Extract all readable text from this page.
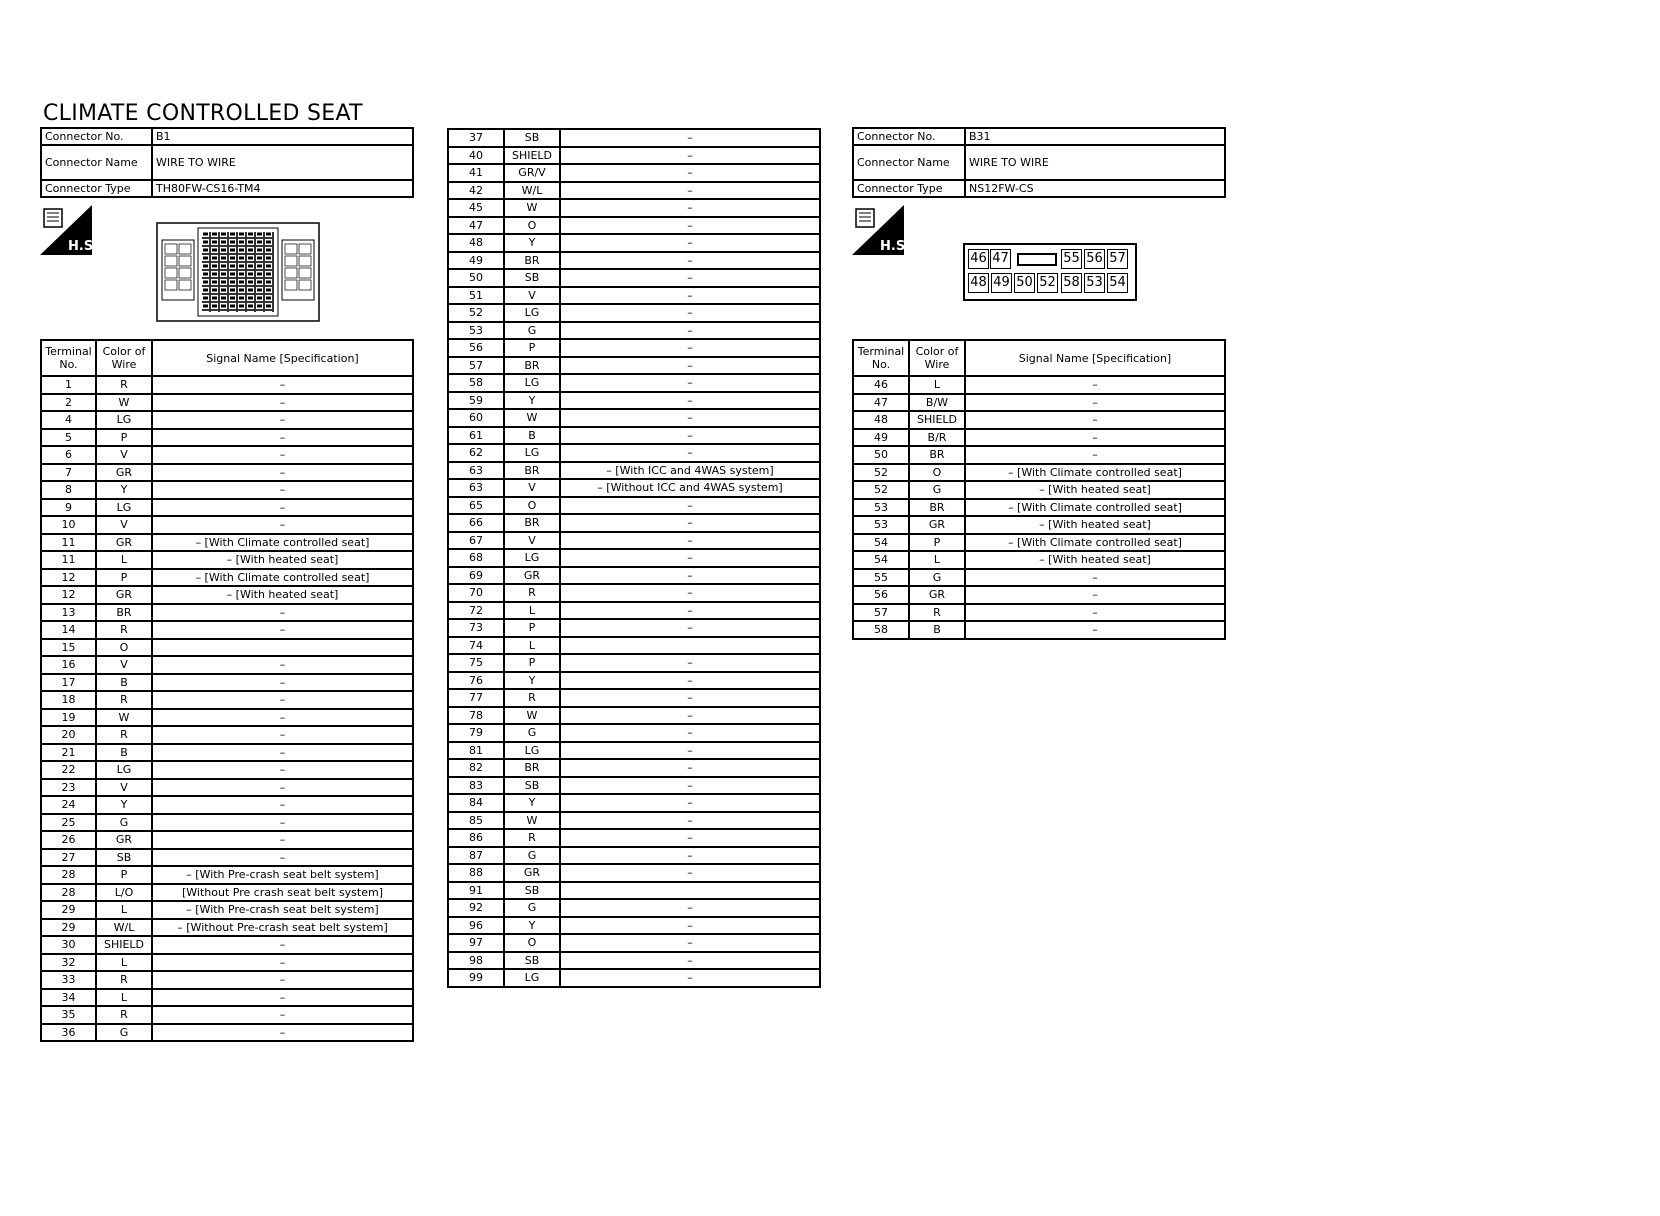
CLIMATE CONTROLLED SEAT
Connector No.	B1
Connector Name	WIRE TO WIRE
Connector Type	TH80FW-CS16-TM4
H.S.
Terminal No.	Color of Wire	Signal Name [Specification]
1	R	–
2	W	–
4	LG	–
5	P	–
6	V	–
7	GR	–
8	Y	–
9	LG	–
10	V	–
11	GR	– [With Climate controlled seat]
11	L	– [With heated seat]
12	P	– [With Climate controlled seat]
12	GR	– [With heated seat]
13	BR	–
14	R	–
15	O	
16	V	–
17	B	–
18	R	–
19	W	–
20	R	–
21	B	–
22	LG	–
23	V	–
24	Y	–
25	G	–
26	GR	–
27	SB	–
28	P	– [With Pre-crash seat belt system]
28	L/O	[Without Pre crash seat belt system]
29	L	– [With Pre-crash seat belt system]
29	W/L	– [Without Pre-crash seat belt system]
30	SHIELD	–
32	L	–
33	R	–
34	L	–
35	R	–
36	G	–
37	SB	–
40	SHIELD	–
41	GR/V	–
42	W/L	–
45	W	–
47	O	–
48	Y	–
49	BR	–
50	SB	–
51	V	–
52	LG	–
53	G	–
56	P	–
57	BR	–
58	LG	–
59	Y	–
60	W	–
61	B	–
62	LG	–
63	BR	– [With ICC and 4WAS system]
63	V	– [Without ICC and 4WAS system]
65	O	–
66	BR	–
67	V	–
68	LG	–
69	GR	–
70	R	–
72	L	–
73	P	–
74	L	
75	P	–
76	Y	–
77	R	–
78	W	–
79	G	–
81	LG	–
82	BR	–
83	SB	–
84	Y	–
85	W	–
86	R	–
87	G	–
88	GR	–
91	SB	
92	G	–
96	Y	–
97	O	–
98	SB	–
99	LG	–
Connector No.	B31
Connector Name	WIRE TO WIRE
Connector Type	NS12FW-CS
H.S.
46 47	55 56 57
48 49 50 52 58 53 54
Terminal No.	Color of Wire	Signal Name [Specification]
46	L	–
47	B/W	–
48	SHIELD	–
49	B/R	–
50	BR	–
52	O	– [With Climate controlled seat]
52	G	– [With heated seat]
53	BR	– [With Climate controlled seat]
53	GR	– [With heated seat]
54	P	– [With Climate controlled seat]
54	L	– [With heated seat]
55	G	–
56	GR	–
57	R	–
58	B	–
